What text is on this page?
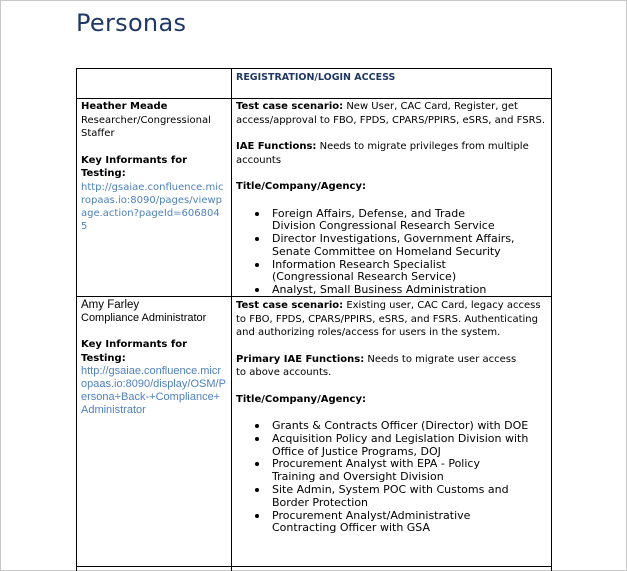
Personas
REGISTRATION/LOGIN ACCESS
Heather Meade
Researcher/Congressional Staffer
Key Informants for Testing:
http://gsaiae.confluence.micropaas.io:8090/pages/viewpage.action?pageId=6068045
Test case scenario: New User, CAC Card, Register, get access/approval to FBO, FPDS, CPARS/PPIRS, eSRS, and FSRS.
IAE Functions: Needs to migrate privileges from multiple accounts
Title/Company/Agency:
Foreign Affairs, Defense, and Trade Division Congressional Research Service
Director Investigations, Government Affairs, Senate Committee on Homeland Security
Information Research Specialist (Congressional Research Service)
Analyst, Small Business Administration
Amy Farley
Compliance Administrator
Key Informants for Testing:
http://gsaiae.confluence.micropaas.io:8090/display/OSM/Persona+Back-+Compliance+Administrator
Test case scenario: Existing user, CAC Card, legacy access to FBO, FPDS, CPARS/PPIRS, eSRS, and FSRS. Authenticating and authorizing roles/access for users in the system.
Primary IAE Functions: Needs to migrate user access to above accounts.
Title/Company/Agency:
Grants & Contracts Officer (Director) with DOE
Acquisition Policy and Legislation Division with Office of Justice Programs, DOJ
Procurement Analyst with EPA - Policy Training and Oversight Division
Site Admin, System POC with Customs and Border Protection
Procurement Analyst/Administrative Contracting Officer with GSA
